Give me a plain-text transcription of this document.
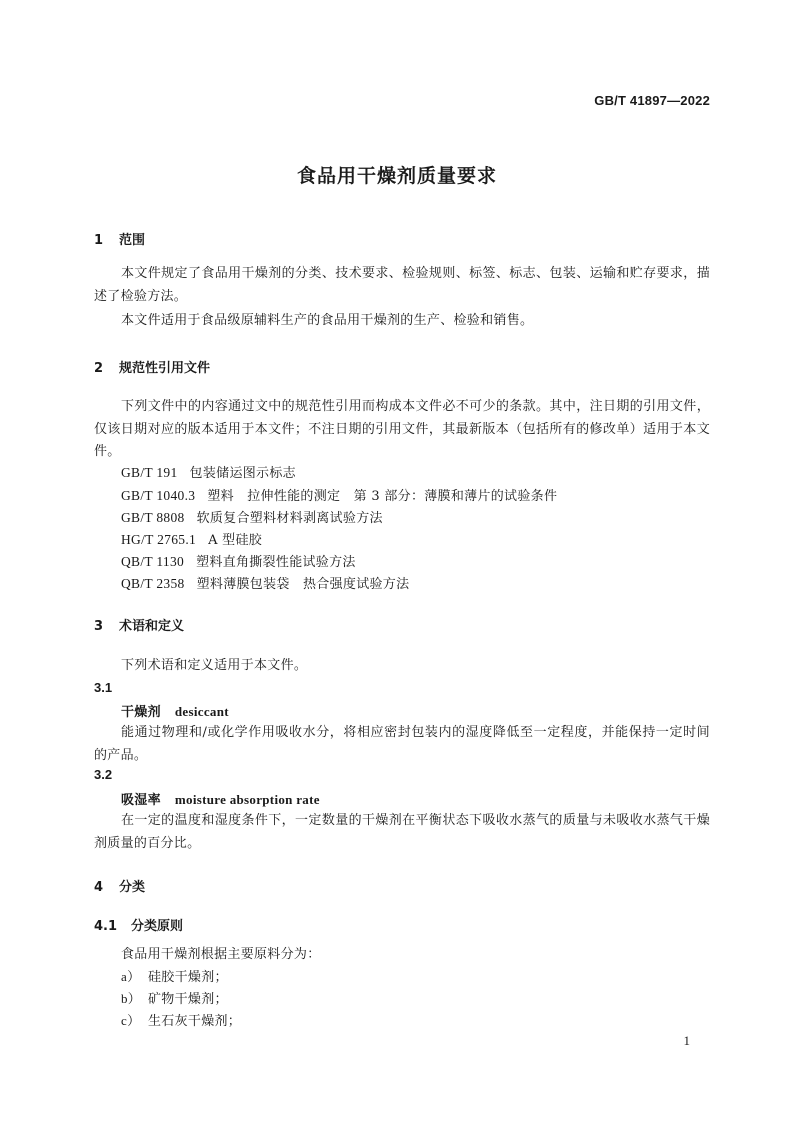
GB/T 41897—2022
食品用干燥剂质量要求
1 范围
本文件规定了食品用干燥剂的分类、技术要求、检验规则、标签、标志、包装、运输和贮存要求，描述了检验方法。
本文件适用于食品级原辅料生产的食品用干燥剂的生产、检验和销售。
2 规范性引用文件
下列文件中的内容通过文中的规范性引用而构成本文件必不可少的条款。其中，注日期的引用文件，仅该日期对应的版本适用于本文件；不注日期的引用文件，其最新版本（包括所有的修改单）适用于本文件。
GB/T 191 包装储运图示标志
GB/T 1040.3 塑料　拉伸性能的测定　第 3 部分：薄膜和薄片的试验条件
GB/T 8808 软质复合塑料材料剥离试验方法
HG/T 2765.1 A 型硅胶
QB/T 1130 塑料直角撕裂性能试验方法
QB/T 2358 塑料薄膜包装袋　热合强度试验方法
3 术语和定义
下列术语和定义适用于本文件。
3.1
干燥剂 desiccant
能通过物理和/或化学作用吸收水分，将相应密封包装内的湿度降低至一定程度，并能保持一定时间的产品。
3.2
吸湿率 moisture absorption rate
在一定的温度和湿度条件下，一定数量的干燥剂在平衡状态下吸收水蒸气的质量与未吸收水蒸气干燥剂质量的百分比。
4 分类
4.1 分类原则
食品用干燥剂根据主要原料分为：
a） 硅胶干燥剂；
b） 矿物干燥剂；
c） 生石灰干燥剂；
1
